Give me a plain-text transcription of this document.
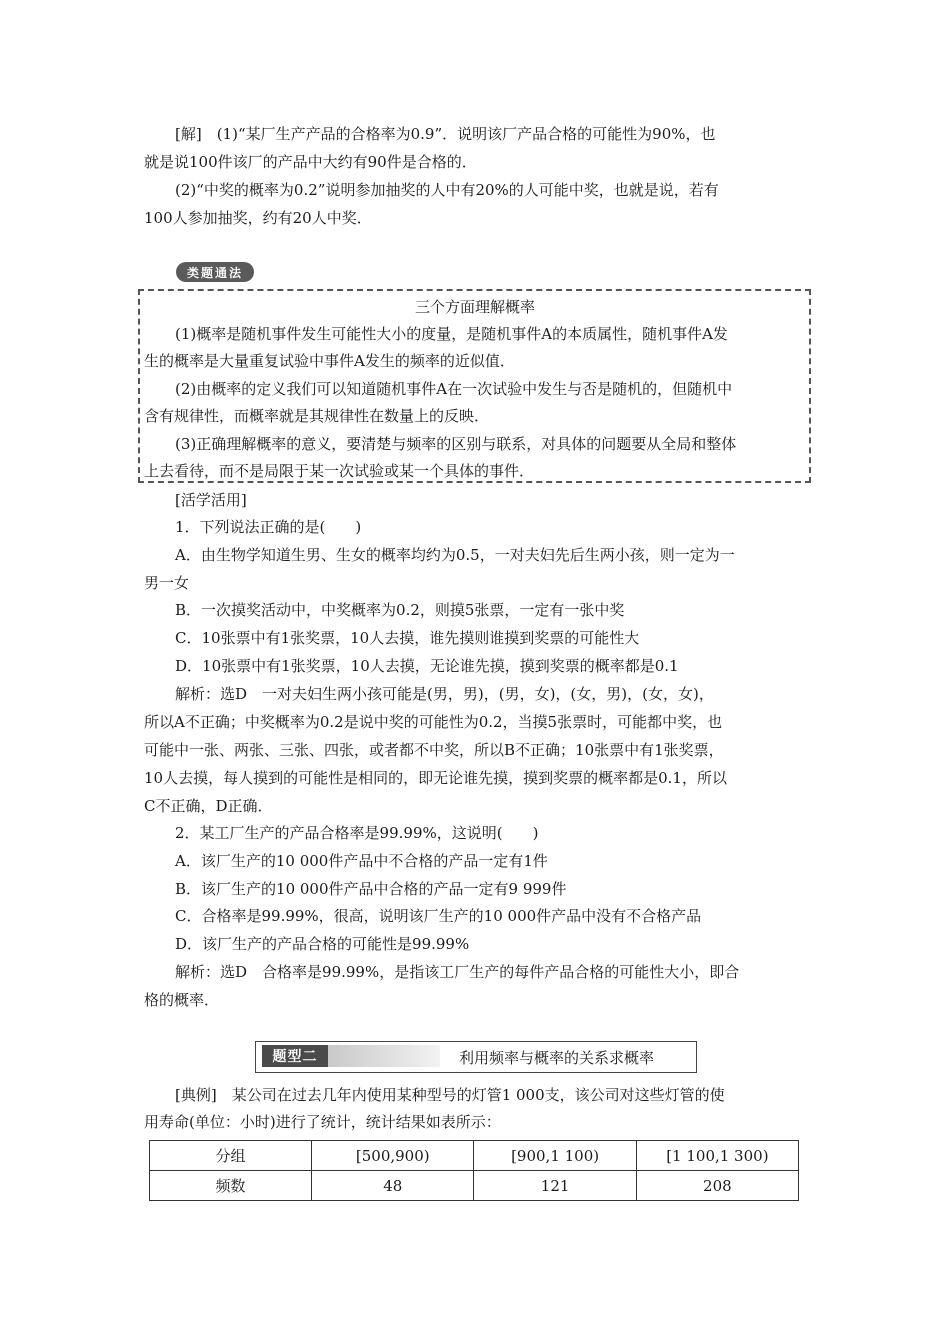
[解]　(1)“某厂生产产品的合格率为0.9”．说明该厂产品合格的可能性为90%，也
就是说100件该厂的产品中大约有90件是合格的．
(2)“中奖的概率为0.2”说明参加抽奖的人中有20%的人可能中奖，也就是说，若有
100人参加抽奖，约有20人中奖．
类题通法
三个方面理解概率
(1)概率是随机事件发生可能性大小的度量，是随机事件A的本质属性，随机事件A发
生的概率是大量重复试验中事件A发生的频率的近似值．
(2)由概率的定义我们可以知道随机事件A在一次试验中发生与否是随机的，但随机中
含有规律性，而概率就是其规律性在数量上的反映．
(3)正确理解概率的意义，要清楚与频率的区别与联系，对具体的问题要从全局和整体
上去看待，而不是局限于某一次试验或某一个具体的事件．
[活学活用]
1．下列说法正确的是(　　)
A．由生物学知道生男、生女的概率均约为0.5，一对夫妇先后生两小孩，则一定为一
男一女
B．一次摸奖活动中，中奖概率为0.2，则摸5张票，一定有一张中奖
C．10张票中有1张奖票，10人去摸，谁先摸则谁摸到奖票的可能性大
D．10张票中有1张奖票，10人去摸，无论谁先摸，摸到奖票的概率都是0.1
解析：选D　一对夫妇生两小孩可能是(男，男)，(男，女)，(女，男)，(女，女)，
所以A不正确；中奖概率为0.2是说中奖的可能性为0.2，当摸5张票时，可能都中奖，也
可能中一张、两张、三张、四张，或者都不中奖，所以B不正确；10张票中有1张奖票，
10人去摸，每人摸到的可能性是相同的，即无论谁先摸，摸到奖票的概率都是0.1，所以
C不正确，D正确．
2．某工厂生产的产品合格率是99.99%，这说明(　　)
A．该厂生产的10 000件产品中不合格的产品一定有1件
B．该厂生产的10 000件产品中合格的产品一定有9 999件
C．合格率是99.99%，很高，说明该厂生产的10 000件产品中没有不合格产品
D．该厂生产的产品合格的可能性是99.99%
解析：选D　合格率是99.99%，是指该工厂生产的每件产品合格的可能性大小，即合
格的概率．
题型二	利用频率与概率的关系求概率
[典例]　某公司在过去几年内使用某种型号的灯管1 000支，该公司对这些灯管的使
用寿命(单位：小时)进行了统计，统计结果如表所示：
分组	[500,900)	[900,1 100)	[1 100,1 300)
频数	48	121	208
